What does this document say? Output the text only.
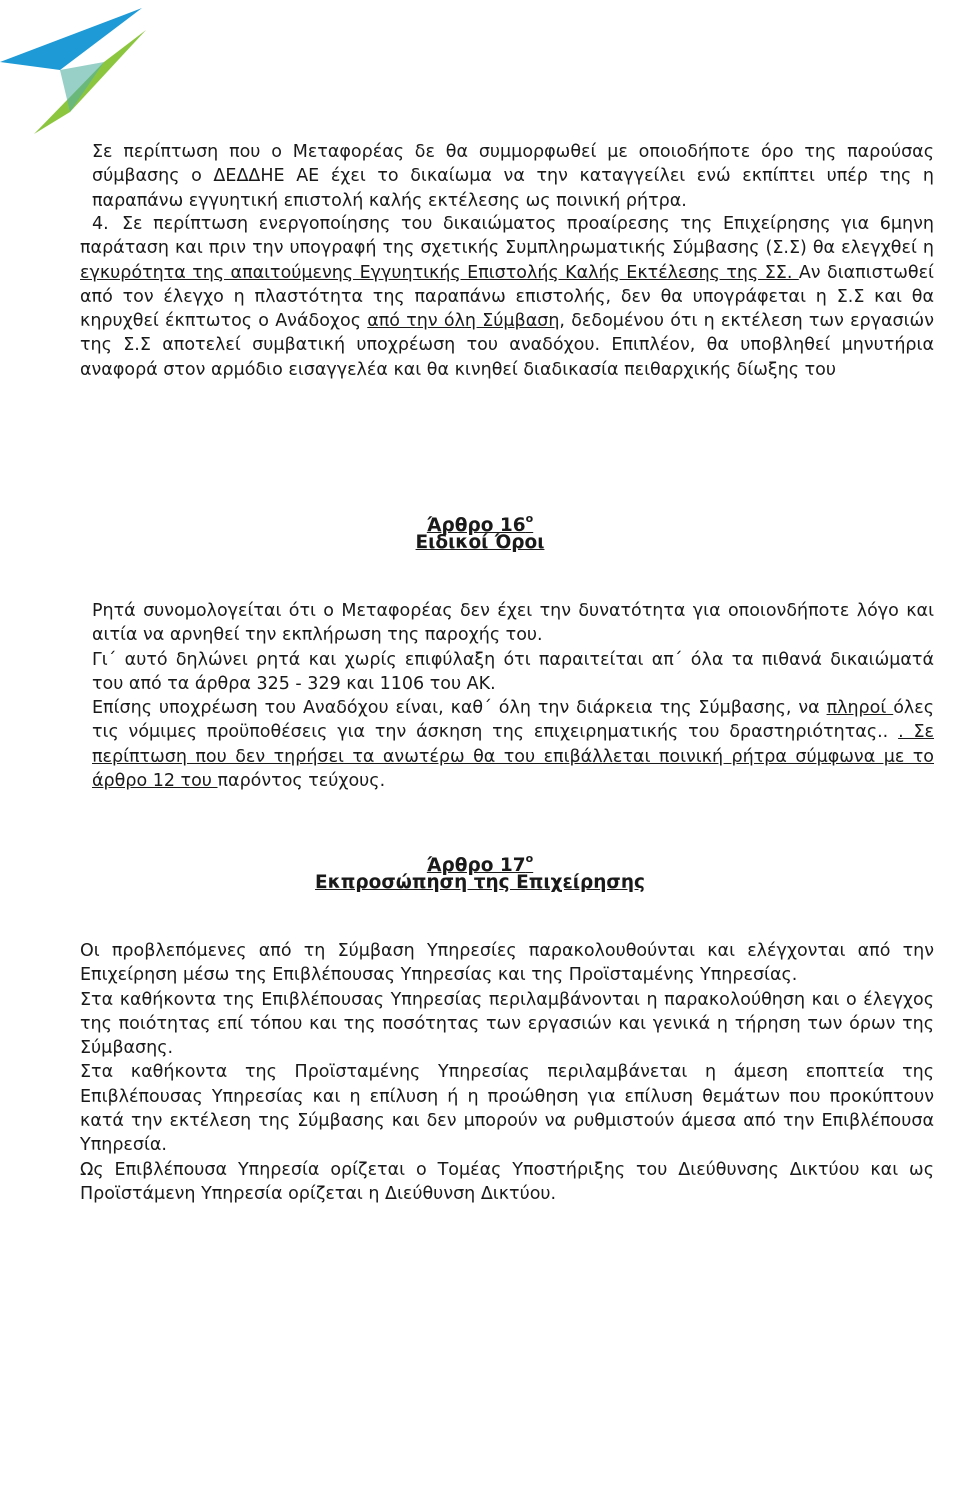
Σε περίπτωση που ο Μεταφορέας δε θα συμμορφωθεί με οποιοδήποτε όρο της παρούσας σύμβασης ο ΔΕΔΔΗΕ ΑΕ έχει το δικαίωμα να την καταγγείλει ενώ εκπίπτει υπέρ της η παραπάνω εγγυητική επιστολή καλής εκτέλεσης ως ποινική ρήτρα.

4. Σε περίπτωση ενεργοποίησης του δικαιώματος προαίρεσης της Επιχείρησης για 6μηνη παράταση και πριν την υπογραφή της σχετικής Συμπληρωματικής Σύμβασης (Σ.Σ) θα ελεγχθεί η εγκυρότητα της απαιτούμενης Εγγυητικής Επιστολής Καλής Εκτέλεσης της ΣΣ. Αν διαπιστωθεί από τον έλεγχο η πλαστότητα της παραπάνω επιστολής, δεν θα υπογράφεται η Σ.Σ και θα κηρυχθεί έκπτωτος ο Ανάδοχος από την όλη Σύμβαση, δεδομένου ότι η εκτέλεση των εργασιών της Σ.Σ αποτελεί συμβατική υποχρέωση του αναδόχου. Επιπλέον, θα υποβληθεί μηνυτήρια αναφορά στον αρμόδιο εισαγγελέα και θα κινηθεί διαδικασία πειθαρχικής δίωξης του

Άρθρο $16^o$

Ειδικοί Όροι

Ρητά συνομολογείται ότι ο Μεταφορέας δεν έχει την δυνατότητα για οποιονδήποτε λόγο και αιτία να αρνηθεί την εκπλήρωση της παροχής του.
Γι΄ αυτό δηλώνει ρητά και χωρίς επιφύλαξη ότι παραιτείται απ΄ όλα τα πιθανά δικαιώματά του από τα άρθρα 325 - 329 και 1106 του ΑΚ.
Επίσης υποχρέωση του Αναδόχου είναι, καθ΄ όλη την διάρκεια της Σύμβασης, να πληροί όλες τις νόμιμες προϋποθέσεις για την άσκηση της επιχειρηματικής του δραστηριότητας.. . Σε περίπτωση που δεν τηρήσει τα ανωτέρω θα του επιβάλλεται ποινική ρήτρα σύμφωνα με το άρθρο 12 του παρόντος τεύχους.

Άρθρο $17^o$

Εκπροσώπηση της Επιχείρησης

Οι προβλεπόμενες από τη Σύμβαση Υπηρεσίες παρακολουθούνται και ελέγχονται από την Επιχείρηση μέσω της Επιβλέπουσας Υπηρεσίας και της Προϊσταμένης Υπηρεσίας.
Στα καθήκοντα της Επιβλέπουσας Υπηρεσίας περιλαμβάνονται η παρακολούθηση και ο έλεγχος της ποιότητας επί τόπου και της ποσότητας των εργασιών και γενικά η τήρηση των όρων της Σύμβασης.
Στα καθήκοντα της Προϊσταμένης Υπηρεσίας περιλαμβάνεται η άμεση εποπτεία της Επιβλέπουσας Υπηρεσίας και η επίλυση ή η προώθηση για επίλυση θεμάτων που προκύπτουν κατά την εκτέλεση της Σύμβασης και δεν μπορούν να ρυθμιστούν άμεσα από την Επιβλέπουσα Υπηρεσία.
Ως Επιβλέπουσα Υπηρεσία ορίζεται ο Τομέας Υποστήριξης του Διεύθυνσης Δικτύου και ως Προϊστάμενη Υπηρεσία ορίζεται η Διεύθυνση Δικτύου.
